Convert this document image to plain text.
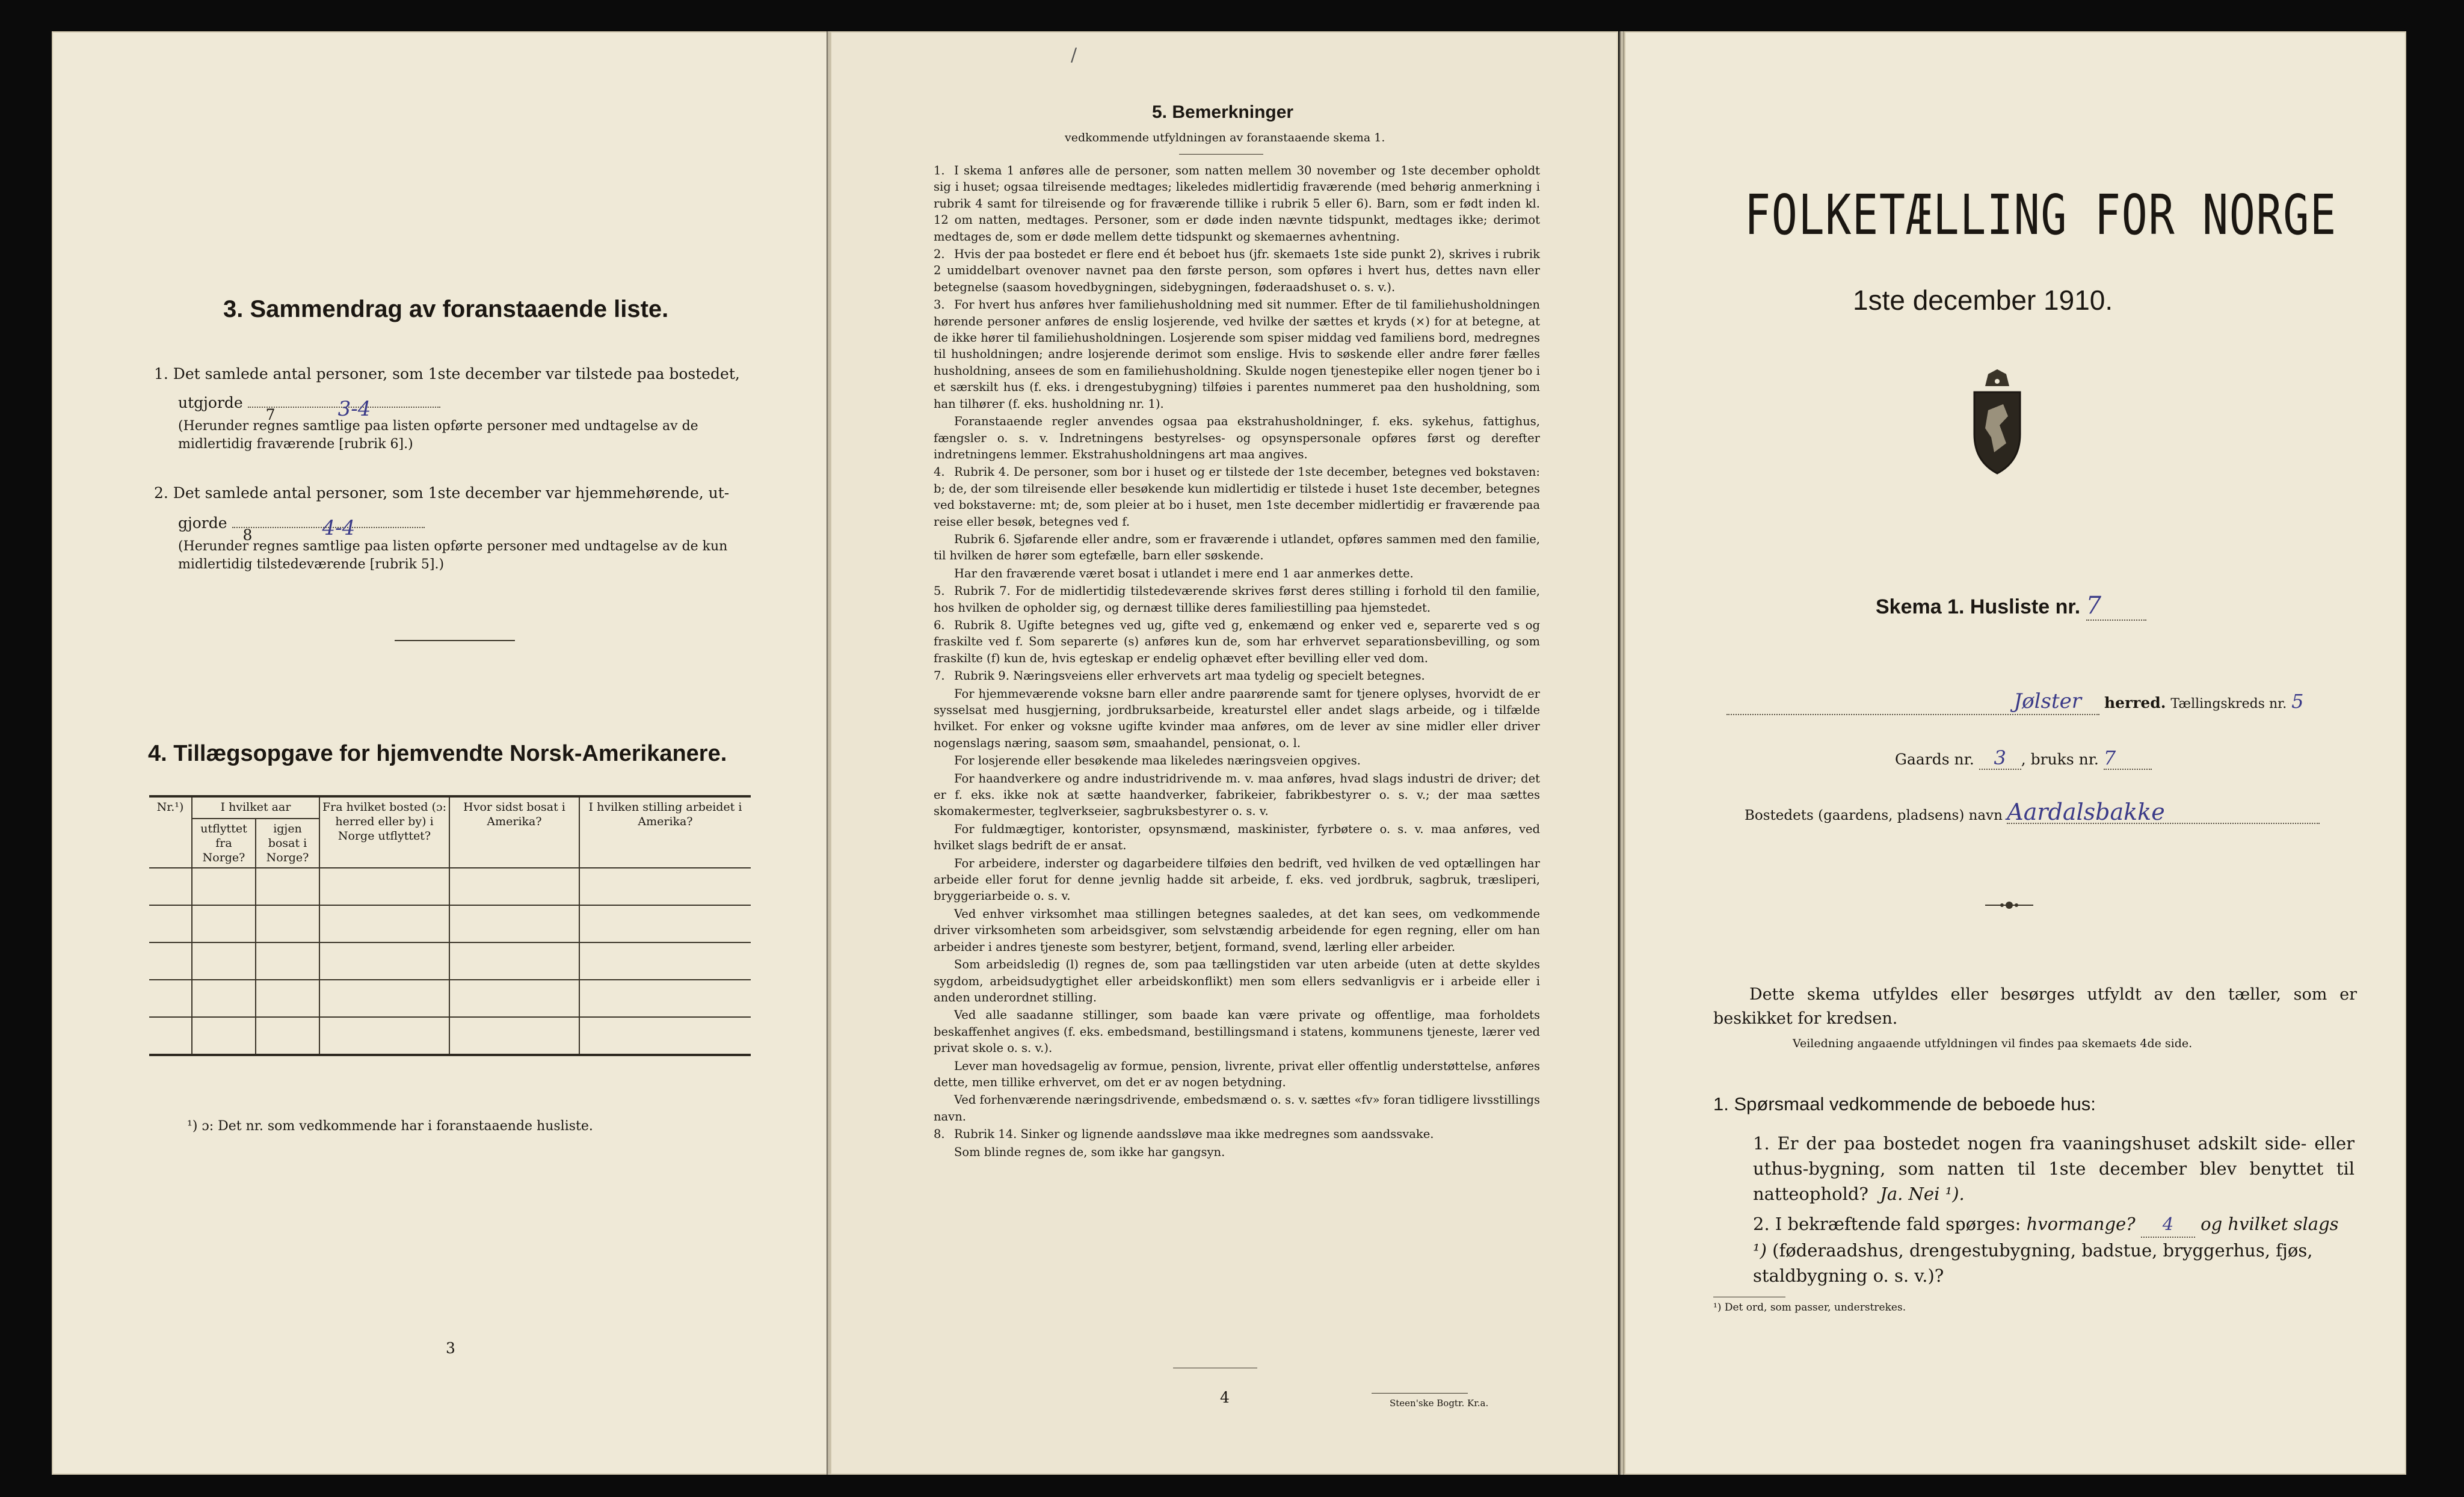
3. Sammendrag av foranstaaende liste.
1. Det samlede antal personer, som 1ste december var tilstede paa bostedet,
utgjorde
7	3-4
(Herunder regnes samtlige paa listen opførte personer med undtagelse av de midlertidig fraværende [rubrik 6].)
2. Det samlede antal personer, som 1ste december var hjemmehørende, ut-
gjorde
8	4-4
(Herunder regnes samtlige paa listen opførte personer med undtagelse av de kun midlertidig tilstedeværende [rubrik 5].)
4. Tillægsopgave for hjemvendte Norsk-Amerikanere.
Nr.¹)	I hvilket aar		Fra hvilket bosted (ɔ: herred eller by) i Norge utflyttet?	Hvor sidst bosat i Amerika?	I hvilken stilling arbeidet i Amerika?
	utflyttet fra Norge?	igjen bosat i Norge?			

¹) ɔ: Det nr. som vedkommende har i foranstaaende husliste.
3
/
5. Bemerkninger
vedkommende utfyldningen av foranstaaende skema 1.

1. I skema 1 anføres alle de personer, som natten mellem 30 november og 1ste december opholdt sig i huset; ogsaa tilreisende medtages; likeledes midlertidig fraværende (med behørig anmerkning i rubrik 4 samt for tilreisende og for fraværende tillike i rubrik 5 eller 6). Barn, som er født inden kl. 12 om natten, medtages. Personer, som er døde inden nævnte tidspunkt, medtages ikke; derimot medtages de, som er døde mellem dette tidspunkt og skemaernes avhentning.

2. Hvis der paa bostedet er flere end ét beboet hus (jfr. skemaets 1ste side punkt 2), skrives i rubrik 2 umiddelbart ovenover navnet paa den første person, som opføres i hvert hus, dettes navn eller betegnelse (saasom hovedbygningen, sidebygningen, føderaadshuset o. s. v.).

3. For hvert hus anføres hver familiehusholdning med sit nummer. Efter de til familiehusholdningen hørende personer anføres de enslig losjerende, ved hvilke der sættes et kryds (×) for at betegne, at de ikke hører til familiehusholdningen. Losjerende som spiser middag ved familiens bord, medregnes til husholdningen; andre losjerende derimot som enslige. Hvis to søskende eller andre fører fælles husholdning, ansees de som en familiehusholdning. Skulde nogen tjenestepike eller nogen tjener bo i et særskilt hus (f. eks. i drengestubygning) tilføies i parentes nummeret paa den husholdning, som han tilhører (f. eks. husholdning nr. 1).

Foranstaaende regler anvendes ogsaa paa ekstrahusholdninger, f. eks. sykehus, fattighus, fængsler o. s. v. Indretningens bestyrelses- og opsynspersonale opføres først og derefter indretningens lemmer. Ekstrahusholdningens art maa angives.

4. Rubrik 4. De personer, som bor i huset og er tilstede der 1ste december, betegnes ved bokstaven: b; de, der som tilreisende eller besøkende kun midlertidig er tilstede i huset 1ste december, betegnes ved bokstaverne: mt; de, som pleier at bo i huset, men 1ste december midlertidig er fraværende paa reise eller besøk, betegnes ved f.

Rubrik 6. Sjøfarende eller andre, som er fraværende i utlandet, opføres sammen med den familie, til hvilken de hører som egtefælle, barn eller søskende.

Har den fraværende været bosat i utlandet i mere end 1 aar anmerkes dette.

5. Rubrik 7. For de midlertidig tilstedeværende skrives først deres stilling i forhold til den familie, hos hvilken de opholder sig, og dernæst tillike deres familiestilling paa hjemstedet.

6. Rubrik 8. Ugifte betegnes ved ug, gifte ved g, enkemænd og enker ved e, separerte ved s og fraskilte ved f. Som separerte (s) anføres kun de, som har erhvervet separationsbevilling, og som fraskilte (f) kun de, hvis egteskap er endelig ophævet efter bevilling eller ved dom.

7. Rubrik 9. Næringsveiens eller erhvervets art maa tydelig og specielt betegnes.

For hjemmeværende voksne barn eller andre paarørende samt for tjenere oplyses, hvorvidt de er sysselsat med husgjerning, jordbruksarbeide, kreaturstel eller andet slags arbeide, og i tilfælde hvilket. For enker og voksne ugifte kvinder maa anføres, om de lever av sine midler eller driver nogenslags næring, saasom søm, smaahandel, pensionat, o. l.

For losjerende eller besøkende maa likeledes næringsveien opgives.

For haandverkere og andre industridrivende m. v. maa anføres, hvad slags industri de driver; det er f. eks. ikke nok at sætte haandverker, fabrikeier, fabrikbestyrer o. s. v.; der maa sættes skomakermester, teglverkseier, sagbruksbestyrer o. s. v.

For fuldmægtiger, kontorister, opsynsmænd, maskinister, fyrbøtere o. s. v. maa anføres, ved hvilket slags bedrift de er ansat.

For arbeidere, inderster og dagarbeidere tilføies den bedrift, ved hvilken de ved optællingen har arbeide eller forut for denne jevnlig hadde sit arbeide, f. eks. ved jordbruk, sagbruk, træsliperi, bryggeriarbeide o. s. v.

Ved enhver virksomhet maa stillingen betegnes saaledes, at det kan sees, om vedkommende driver virksomheten som arbeidsgiver, som selvstændig arbeidende for egen regning, eller om han arbeider i andres tjeneste som bestyrer, betjent, formand, svend, lærling eller arbeider.

Som arbeidsledig (l) regnes de, som paa tællingstiden var uten arbeide (uten at dette skyldes sygdom, arbeidsudygtighet eller arbeidskonflikt) men som ellers sedvanligvis er i arbeide eller i anden underordnet stilling.

Ved alle saadanne stillinger, som baade kan være private og offentlige, maa forholdets beskaffenhet angives (f. eks. embedsmand, bestillingsmand i statens, kommunens tjeneste, lærer ved privat skole o. s. v.).

Lever man hovedsagelig av formue, pension, livrente, privat eller offentlig understøttelse, anføres dette, men tillike erhvervet, om det er av nogen betydning.

Ved forhenværende næringsdrivende, embedsmænd o. s. v. sættes «fv» foran tidligere livsstillings navn.

8. Rubrik 14. Sinker og lignende aandssløve maa ikke medregnes som aandssvake.

Som blinde regnes de, som ikke har gangsyn.

4	Steen'ske Bogtr. Kr.a.
FOLKETÆLLING FOR NORGE
1ste december 1910.
Skema 1. Husliste nr. 7
Jølster herred. Tællingskreds nr. 5
Gaards nr. 3 , bruks nr. 7
Bostedets (gaardens, pladsens) navn Aardalsbakke
Dette skema utfyldes eller besørges utfyldt av den tæller, som er beskikket for kredsen.
Veiledning angaaende utfyldningen vil findes paa skemaets 4de side.
1. Spørsmaal vedkommende de beboede hus:
1. Er der paa bostedet nogen fra vaaningshuset adskilt side- eller uthus-bygning, som natten til 1ste december blev benyttet til natteophold? Ja. Nei ¹).
2. I bekræftende fald spørges: hvormange? 4 og hvilket slags ¹) (føderaadshus, drengestubygning, badstue, bryggerhus, fjøs, staldbygning o. s. v.)?
¹) Det ord, som passer, understrekes.
